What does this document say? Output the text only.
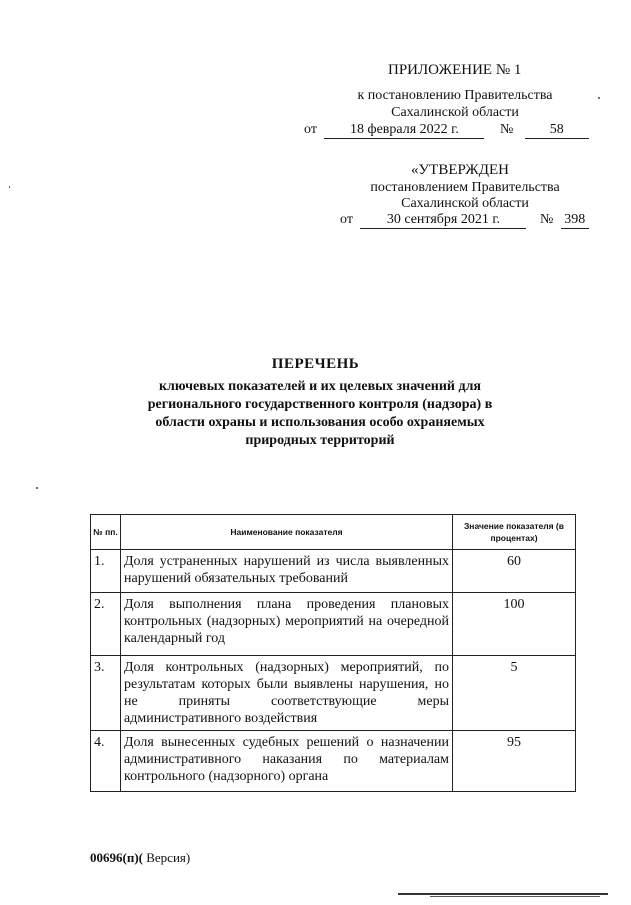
ПРИЛОЖЕНИЕ № 1
к постановлению Правительства
Сахалинской области
от 18 февраля 2022 г.	№	58
«УТВЕРЖДЕН
постановлением Правительства
Сахалинской области
от 30 сентября 2021 г.	№ 398
ПЕРЕЧЕНЬ
ключевых показателей и их целевых значений для
регионального государственного контроля (надзора) в
области охраны и использования особо охраняемых
природных территорий
№ пп.	Наименование показателя	Значение показателя (в процентах)
1.	Доля устраненных нарушений из числа выявленных нарушений обязательных требований	60
2.	Доля выполнения плана проведения плановых контрольных (надзорных) мероприятий на очередной календарный год	100
3.	Доля контрольных (надзорных) мероприятий, по результатам которых были выявлены нарушения, но не приняты соответствующие меры административного воздействия	5
4.	Доля вынесенных судебных решений о назначении административного наказания по материалам контрольного (надзорного) органа	95
00696(п)( Версия)
